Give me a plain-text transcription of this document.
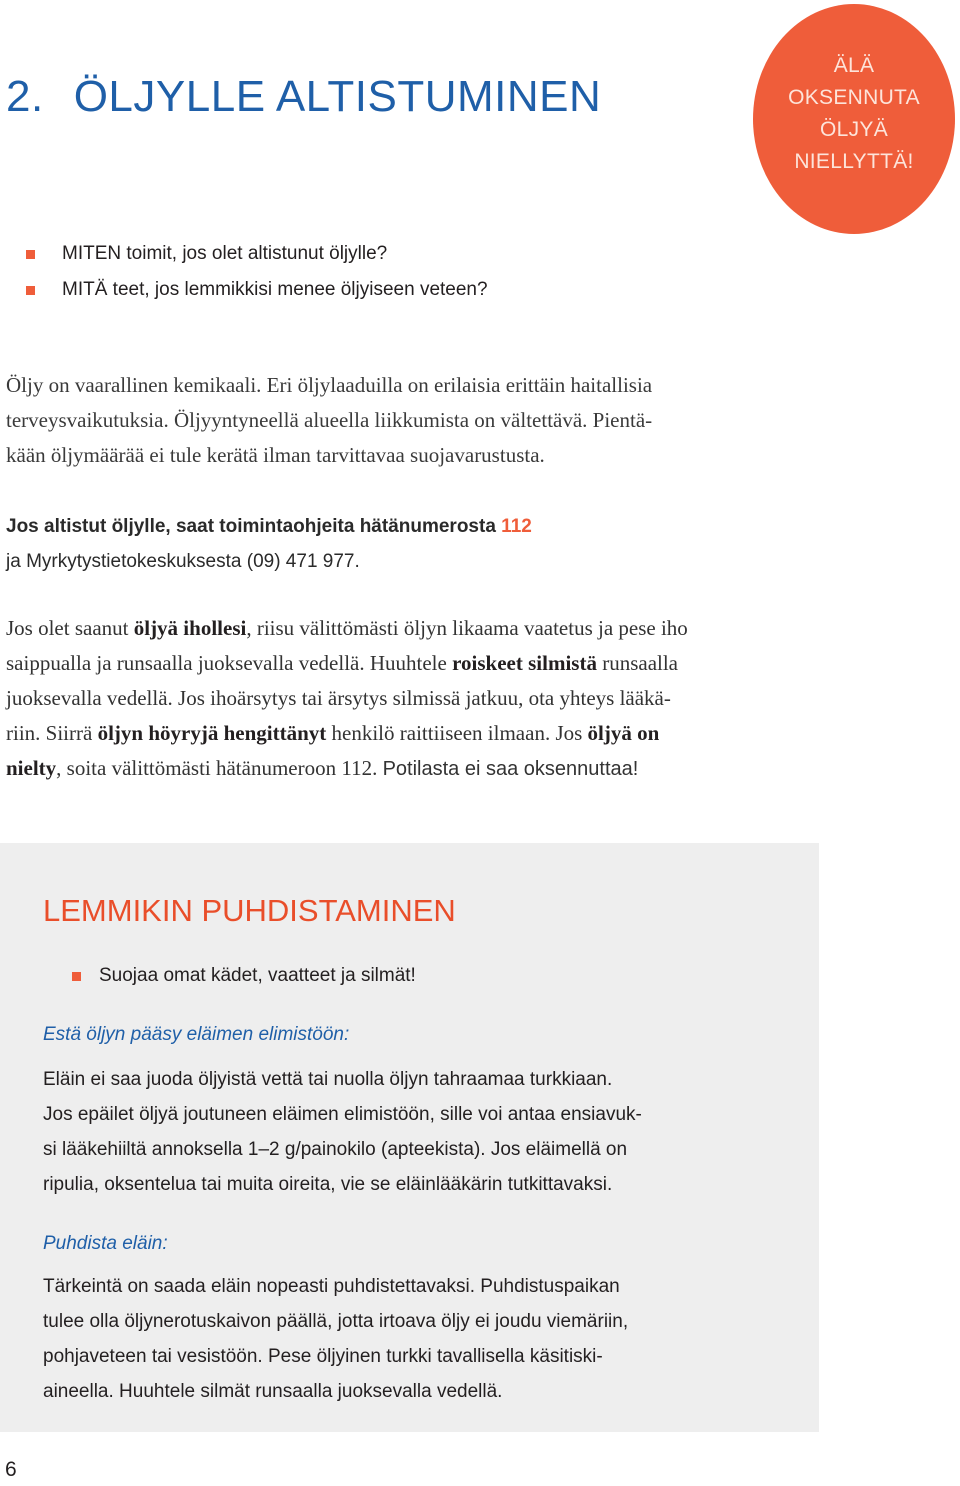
2. ÖLJYLLE ALTISTUMINEN
ÄLÄ
OKSENNUTA
ÖLJYÄ
NIELLYTTÄ!
MITEN toimit, jos olet altistunut öljylle?
MITÄ teet, jos lemmikkisi menee öljyiseen veteen?

Öljy on vaarallinen kemikaali. Eri öljylaaduilla on erilaisia erittäin haitallisia
terveysvaikutuksia. Öljyyntyneellä alueella liikkumista on vältettävä. Pientä-
kään öljymäärää ei tule kerätä ilman tarvittavaa suojavarustusta.

Jos altistut öljylle, saat toimintaohjeita hätänumerosta 112
ja Myrkytystietokeskuksesta (09) 471 977.

Jos olet saanut öljyä ihollesi, riisu välittömästi öljyn likaama vaatetus ja pese iho
saippualla ja runsaalla juoksevalla vedellä. Huuhtele roiskeet silmistä runsaalla
juoksevalla vedellä. Jos ihoärsytys tai ärsytys silmissä jatkuu, ota yhteys lääkä-
riin. Siirrä öljyn höyryjä hengittänyt henkilö raittiiseen ilmaan. Jos öljyä on
nielty, soita välittömästi hätänumeroon 112. Potilasta ei saa oksennuttaa!

LEMMIKIN PUHDISTAMINEN
Suojaa omat kädet, vaatteet ja silmät!

Estä öljyn pääsy eläimen elimistöön:

Eläin ei saa juoda öljyistä vettä tai nuolla öljyn tahraamaa turkkiaan.
Jos epäilet öljyä joutuneen eläimen elimistöön, sille voi antaa ensiavuk-
si lääkehiiltä annoksella 1–2 g/painokilo (apteekista). Jos eläimellä on
ripulia, oksentelua tai muita oireita, vie se eläinlääkärin tutkittavaksi.

Puhdista eläin:

Tärkeintä on saada eläin nopeasti puhdistettavaksi. Puhdistuspaikan
tulee olla öljynerotuskaivon päällä, jotta irtoava öljy ei joudu viemäriin,
pohjaveteen tai vesistöön. Pese öljyinen turkki tavallisella käsitiski-
aineella. Huuhtele silmät runsaalla juoksevalla vedellä.

6
